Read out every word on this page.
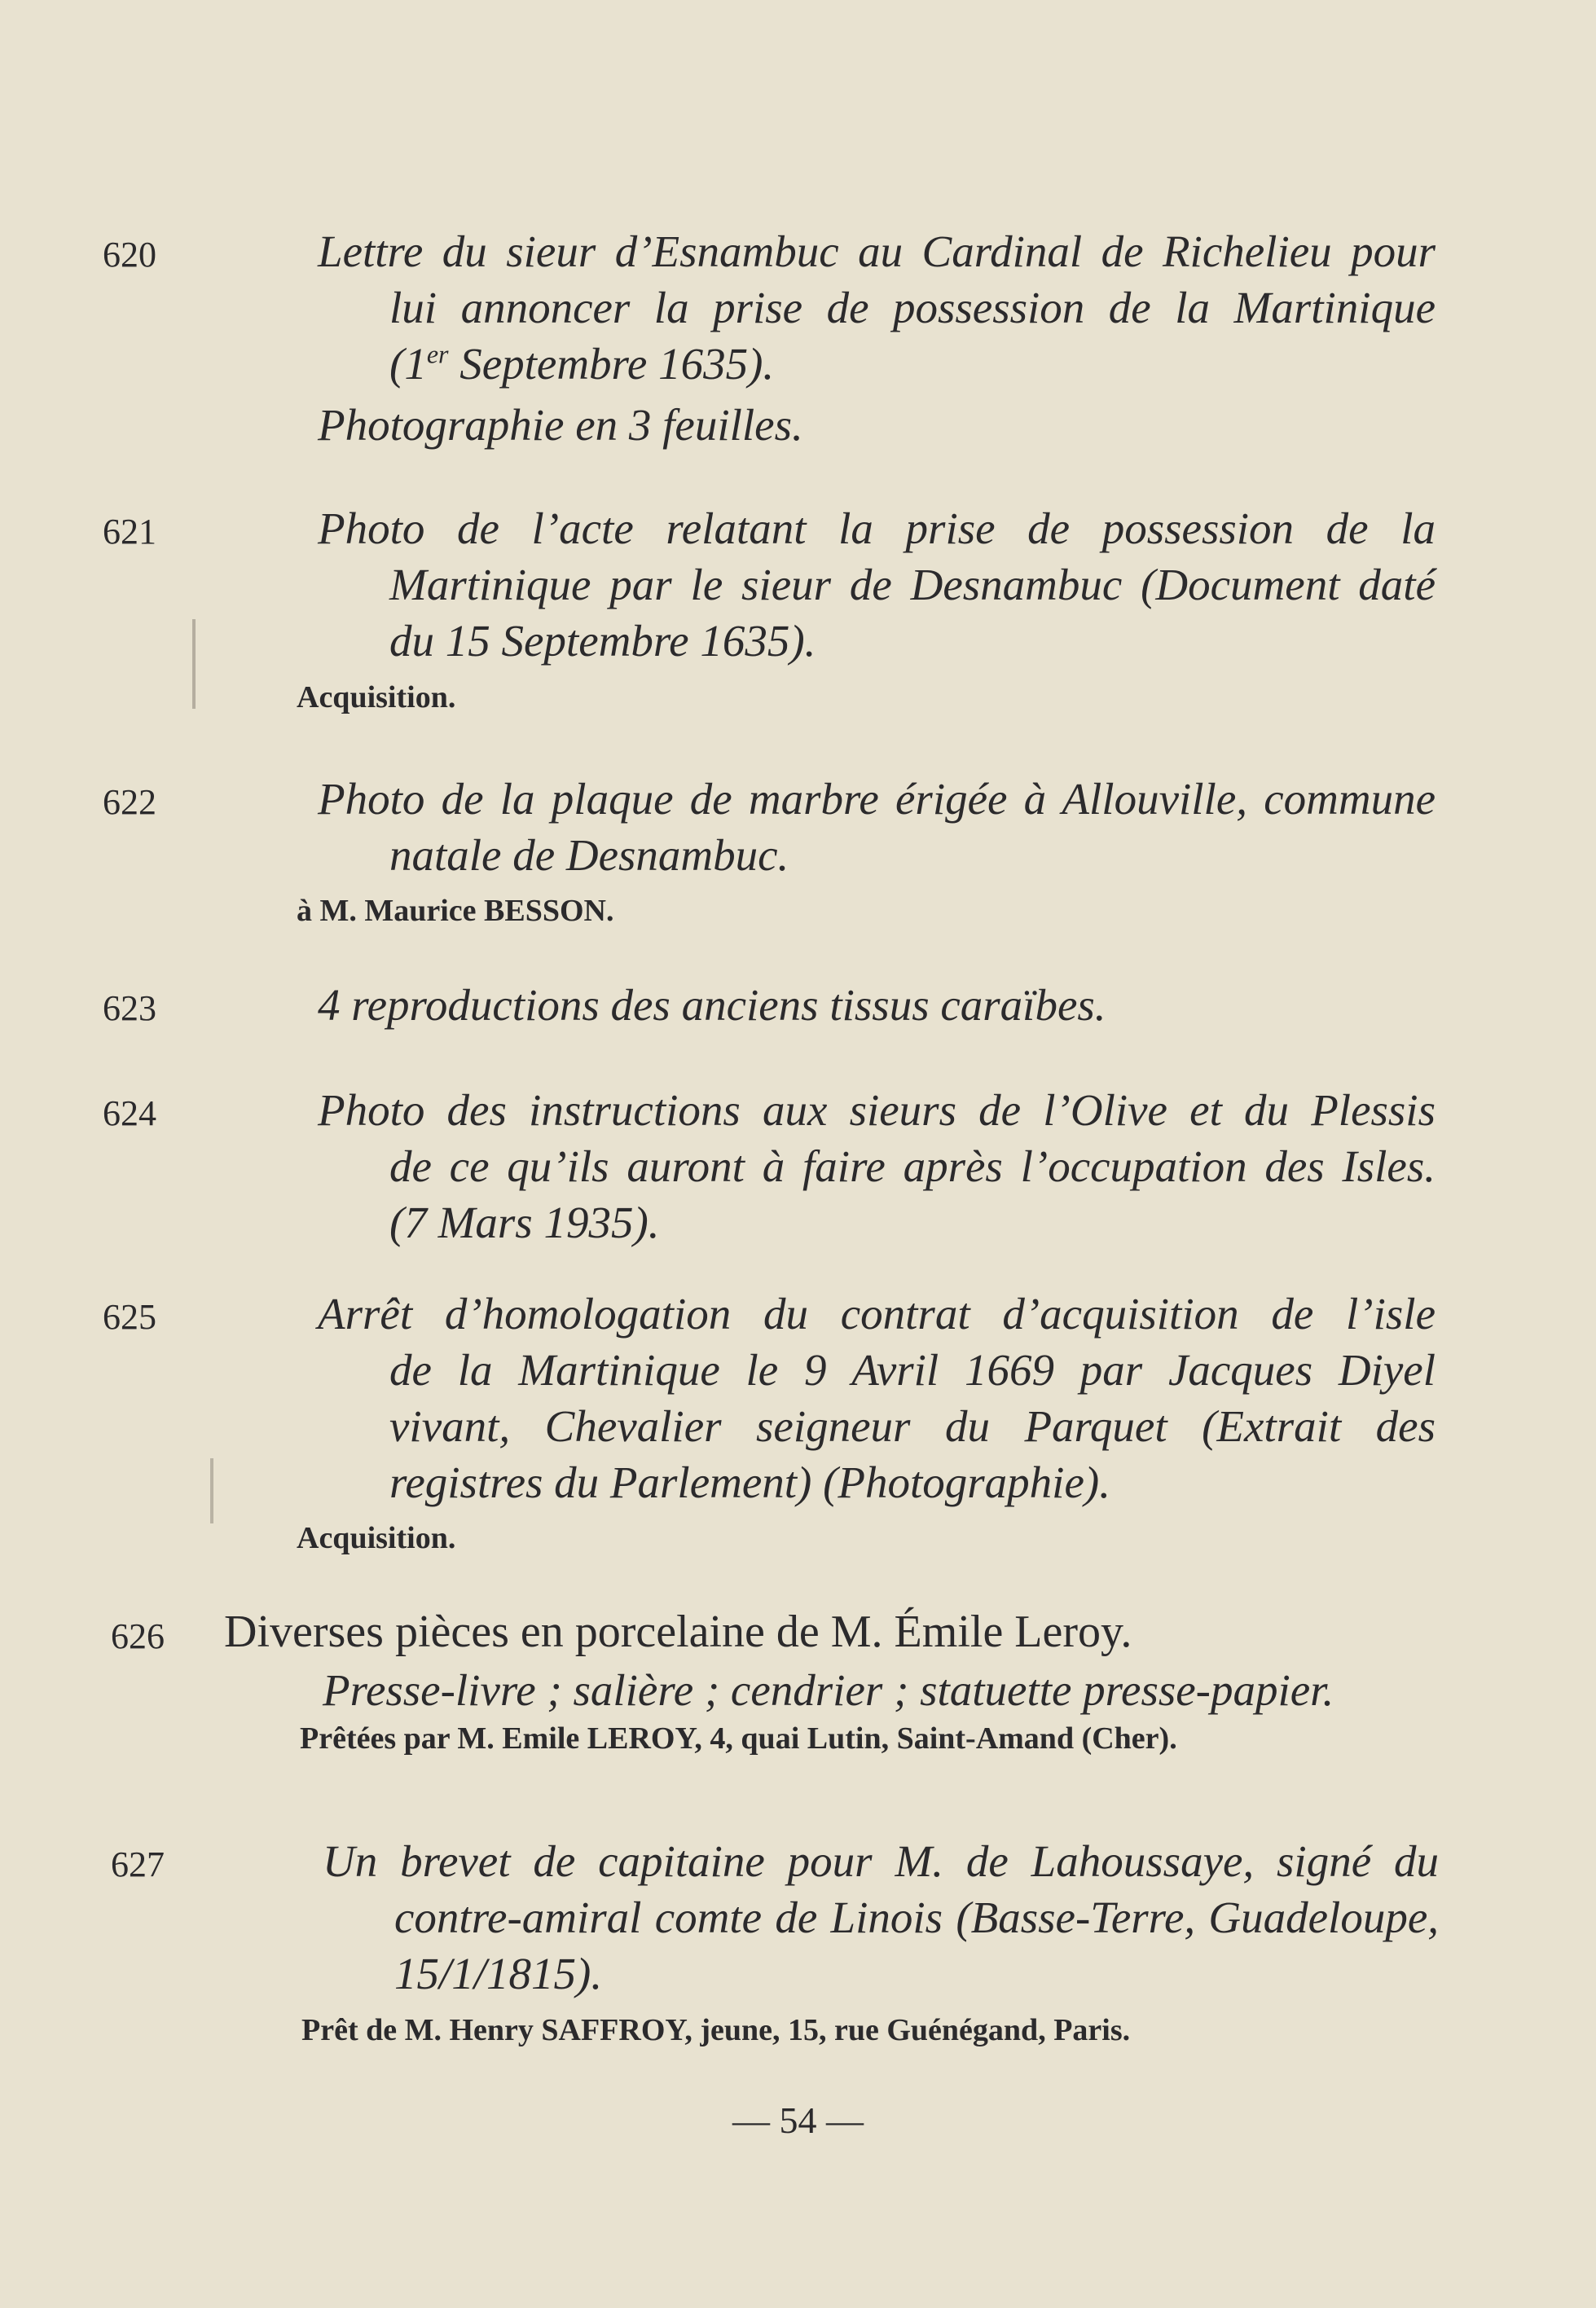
620	Lettre du sieur d’Esnambuc au Cardinal de Richelieu pour
lui annoncer la prise de possession de la Martinique
(1er Septembre 1635).
Photographie en 3 feuilles.
621	Photo de l’acte relatant la prise de possession de la
Martinique par le sieur de Desnambuc (Document daté
du 15 Septembre 1635).
Acquisition.
622	Photo de la plaque de marbre érigée à Allouville, commune
natale de Desnambuc.
à M. Maurice BESSON.
623	4 reproductions des anciens tissus caraïbes.
624	Photo des instructions aux sieurs de l’Olive et du Plessis
de ce qu’ils auront à faire après l’occupation des Isles.
(7 Mars 1935).
625	Arrêt d’homologation du contrat d’acquisition de l’isle
de la Martinique le 9 Avril 1669 par Jacques Diyel
vivant, Chevalier seigneur du Parquet (Extrait des
registres du Parlement) (Photographie).
Acquisition.
626 Diverses pièces en porcelaine de M. Émile Leroy.
Presse-livre ; salière ; cendrier ; statuette presse-papier.
Prêtées par M. Emile LEROY, 4, quai Lutin, Saint-Amand (Cher).
627	Un brevet de capitaine pour M. de Lahoussaye, signé du
contre-amiral comte de Linois (Basse-Terre, Guadeloupe,
15/1/1815).
Prêt de M. Henry SAFFROY, jeune, 15, rue Guénégand, Paris.
— 54 —
